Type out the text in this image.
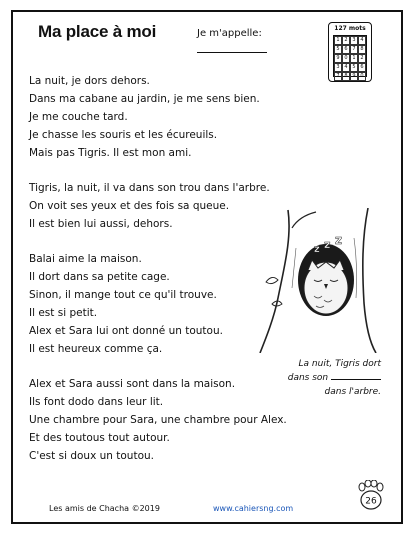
Ma place à moi	Je m'appelle:	127 mots
1 2 3 4
5 6 7 8
9 0 1 2
3 4 5 6
7 8 9 0
La nuit, je dors dehors.
Dans ma cabane au jardin, je me sens bien.
Je me couche tard.
Je chasse les souris et les écureuils.
Mais pas Tigris. Il est mon ami.
Tigris, la nuit, il va dans son trou dans l'arbre.
On voit ses yeux et des fois sa queue.
Il est bien lui aussi, dehors.
Balai aime la maison.
Il dort dans sa petite cage.
Sinon, il mange tout ce qu'il trouve.
Il est si petit.
Alex et Sara lui ont donné un toutou.
Il est heureux comme ça.
Alex et Sara aussi sont dans la maison.
Ils font dodo dans leur lit.
Une chambre pour Sara, une chambre pour Alex.
Et des toutous tout autour.
C'est si doux un toutou.
z z z
La nuit, Tigris dort
dans son
dans l'arbre.
Les amis de Chacha ©2019	www.cahiersng.com
26
